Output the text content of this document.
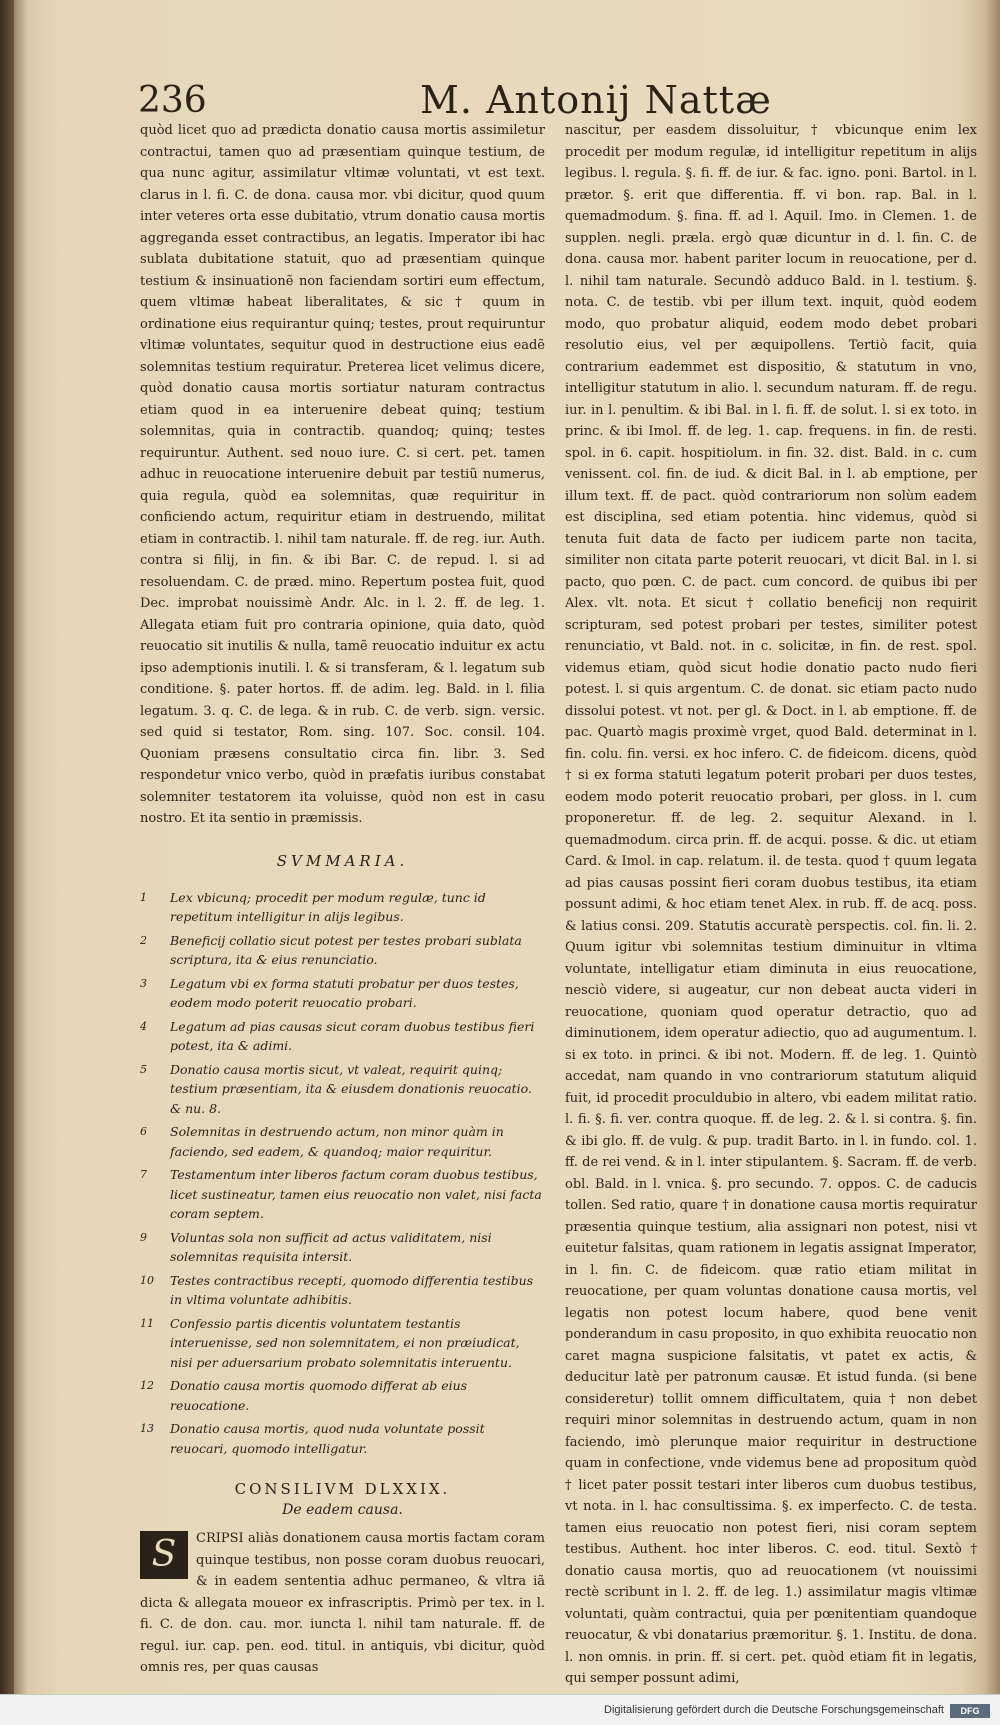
236	M. Antonij Nattæ

quòd licet quo ad prædicta donatio causa mortis assimiletur contractui, tamen quo ad præsentiam quinque testium, de qua nunc agitur, assimilatur vltimæ voluntati, vt est text. clarus in l. fi. C. de dona. causa mor. vbi dicitur, quod quum inter veteres orta esse dubitatio, vtrum donatio causa mortis aggreganda esset contractibus, an legatis. Imperator ibi hac sublata dubitatione statuit, quo ad præsentiam quinque testium & insinuationẽ non faciendam sortiri eum effectum, quem vltimæ habeat liberalitates, & sic † quum in ordinatione eius requirantur quinq; testes, prout requiruntur vltimæ voluntates, sequitur quod in destructione eius eadẽ solemnitas testium requiratur. Preterea licet velimus dicere, quòd donatio causa mortis sortiatur naturam contractus etiam quod in ea interuenire debeat quinq; testium solemnitas, quia in contractib. quandoq; quinq; testes requiruntur. Authent. sed nouo iure. C. si cert. pet. tamen adhuc in reuocatione interuenire debuit par testiũ numerus, quia regula, quòd ea solemnitas, quæ requiritur in conficiendo actum, requiritur etiam in destruendo, militat etiam in contractib. l. nihil tam naturale. ff. de reg. iur. Auth. contra si filij, in fin. & ibi Bar. C. de repud. l. si ad resoluendam. C. de præd. mino. Repertum postea fuit, quod Dec. improbat nouissimè Andr. Alc. in l. 2. ff. de leg. 1. Allegata etiam fuit pro contraria opinione, quia dato, quòd reuocatio sit inutilis & nulla, tamẽ reuocatio induitur ex actu ipso ademptionis inutili. l. & si transferam, & l. legatum sub conditione. §. pater hortos. ff. de adim. leg. Bald. in l. filia legatum. 3. q. C. de lega. & in rub. C. de verb. sign. versic. sed quid si testator, Rom. sing. 107. Soc. consil. 104. Quoniam præsens consultatio circa fin. libr. 3. Sed respondetur vnico verbo, quòd in præfatis iuribus constabat solemniter testatorem ita voluisse, quòd non est in casu nostro. Et ita sentio in præmissis.

SVMMARIA.
1	Lex vbicunq; procedit per modum regulæ, tunc id repetitum intelligitur in alijs legibus.
2	Beneficij collatio sicut potest per testes probari sublata scriptura, ita & eius renunciatio.
3	Legatum vbi ex forma statuti probatur per duos testes, eodem modo poterit reuocatio probari.
4	Legatum ad pias causas sicut coram duobus testibus fieri potest, ita & adimi.
5	Donatio causa mortis sicut, vt valeat, requirit quinq; testium præsentiam, ita & eiusdem donationis reuocatio. & nu. 8.
6	Solemnitas in destruendo actum, non minor quàm in faciendo, sed eadem, & quandoq; maior requiritur.
7	Testamentum inter liberos factum coram duobus testibus, licet sustineatur, tamen eius reuocatio non valet, nisi facta coram septem.
9	Voluntas sola non sufficit ad actus validitatem, nisi solemnitas requisita intersit.
10	Testes contractibus recepti, quomodo differentia testibus in vltima voluntate adhibitis.
11	Confessio partis dicentis voluntatem testantis interuenisse, sed non solemnitatem, ei non præiudicat, nisi per aduersarium probato solemnitatis interuentu.
12	Donatio causa mortis quomodo differat ab eius reuocatione.
13	Donatio causa mortis, quod nuda voluntate possit reuocari, quomodo intelligatur.
CONSILIVM DLXXIX.
De eadem causa.

S	CRIPSI aliàs donationem causa mortis factam coram quinque testibus, non posse coram duobus reuocari, & in eadem sententia adhuc permaneo, & vltra iã dicta & allegata moueor ex infrascriptis. Primò per tex. in l. fi. C. de don. cau. mor. iuncta l. nihil tam naturale. ff. de regul. iur. cap. pen. eod. titul. in antiquis, vbi dicitur, quòd omnis res, per quas causas

nascitur, per easdem dissoluitur, † vbicunque enim lex procedit per modum regulæ, id intelligitur repetitum in alijs legibus. l. regula. §. fi. ff. de iur. & fac. igno. poni. Bartol. in l. prætor. §. erit que differentia. ff. vi bon. rap. Bal. in l. quemadmodum. §. fina. ff. ad l. Aquil. Imo. in Clemen. 1. de supplen. negli. præla. ergò quæ dicuntur in d. l. fin. C. de dona. causa mor. habent pariter locum in reuocatione, per d. l. nihil tam naturale. Secundò adduco Bald. in l. testium. §. nota. C. de testib. vbi per illum text. inquit, quòd eodem modo, quo probatur aliquid, eodem modo debet probari resolutio eius, vel per æquipollens. Tertiò facit, quia contrarium eademmet est dispositio, & statutum in vno, intelligitur statutum in alio. l. secundum naturam. ff. de regu. iur. in l. penultim. & ibi Bal. in l. fi. ff. de solut. l. si ex toto. in princ. & ibi Imol. ff. de leg. 1. cap. frequens. in fin. de resti. spol. in 6. capit. hospitiolum. in fin. 32. dist. Bald. in c. cum venissent. col. fin. de iud. & dicit Bal. in l. ab emptione, per illum text. ff. de pact. quòd contrariorum non solùm eadem est disciplina, sed etiam potentia. hinc videmus, quòd si tenuta fuit data de facto per iudicem parte non tacita, similiter non citata parte poterit reuocari, vt dicit Bal. in l. si pacto, quo pœn. C. de pact. cum concord. de quibus ibi per Alex. vlt. nota. Et sicut † collatio beneficij non requirit scripturam, sed potest probari per testes, similiter potest renunciatio, vt Bald. not. in c. solicitæ, in fin. de rest. spol. videmus etiam, quòd sicut hodie donatio pacto nudo fieri potest. l. si quis argentum. C. de donat. sic etiam pacto nudo dissolui potest. vt not. per gl. & Doct. in l. ab emptione. ff. de pac. Quartò magis proximè vrget, quod Bald. determinat in l. fin. colu. fin. versi. ex hoc infero. C. de fideicom. dicens, quòd † si ex forma statuti legatum poterit probari per duos testes, eodem modo poterit reuocatio probari, per gloss. in l. cum proponeretur. ff. de leg. 2. sequitur Alexand. in l. quemadmodum. circa prin. ff. de acqui. posse. & dic. ut etiam Card. & Imol. in cap. relatum. il. de testa. quod † quum legata ad pias causas possint fieri coram duobus testibus, ita etiam possunt adimi, & hoc etiam tenet Alex. in rub. ff. de acq. poss. & latius consi. 209. Statutis accuratè perspectis. col. fin. li. 2. Quum igitur vbi solemnitas testium diminuitur in vltima voluntate, intelligatur etiam diminuta in eius reuocatione, nesciò videre, si augeatur, cur non debeat aucta videri in reuocatione, quoniam quod operatur detractio, quo ad diminutionem, idem operatur adiectio, quo ad augumentum. l. si ex toto. in princi. & ibi not. Modern. ff. de leg. 1. Quintò accedat, nam quando in vno contrariorum statutum aliquid fuit, id procedit proculdubio in altero, vbi eadem militat ratio. l. fi. §. fi. ver. contra quoque. ff. de leg. 2. & l. si contra. §. fin. & ibi glo. ff. de vulg. & pup. tradit Barto. in l. in fundo. col. 1. ff. de rei vend. & in l. inter stipulantem. §. Sacram. ff. de verb. obl. Bald. in l. vnica. §. pro secundo. 7. oppos. C. de caducis tollen. Sed ratio, quare † in donatione causa mortis requiratur præsentia quinque testium, alia assignari non potest, nisi vt euitetur falsitas, quam rationem in legatis assignat Imperator, in l. fin. C. de fideicom. quæ ratio etiam militat in reuocatione, per quam voluntas donatione causa mortis, vel legatis non potest locum habere, quod bene venit ponderandum in casu proposito, in quo exhibita reuocatio non caret magna suspicione falsitatis, vt patet ex actis, & deducitur latè per patronum causæ. Et istud funda. (si bene consideretur) tollit omnem difficultatem, quia † non debet requiri minor solemnitas in destruendo actum, quam in non faciendo, imò plerunque maior requiritur in destructione quam in confectione, vnde videmus bene ad propositum quòd † licet pater possit testari inter liberos cum duobus testibus, vt nota. in l. hac consultissima. §. ex imperfecto. C. de testa. tamen eius reuocatio non potest fieri, nisi coram septem testibus. Authent. hoc inter liberos. C. eod. titul. Sextò † donatio causa mortis, quo ad reuocationem (vt nouissimi rectè scribunt in l. 2. ff. de leg. 1.) assimilatur magis vltimæ voluntati, quàm contractui, quia per pœnitentiam quandoque reuocatur, & vbi donatarius præmoritur. §. 1. Institu. de dona. l. non omnis. in prin. ff. si cert. pet. quòd etiam fit in legatis, qui semper possunt adimi,

Digitalisierung gefördert durch die Deutsche Forschungsgemeinschaft	DFG
